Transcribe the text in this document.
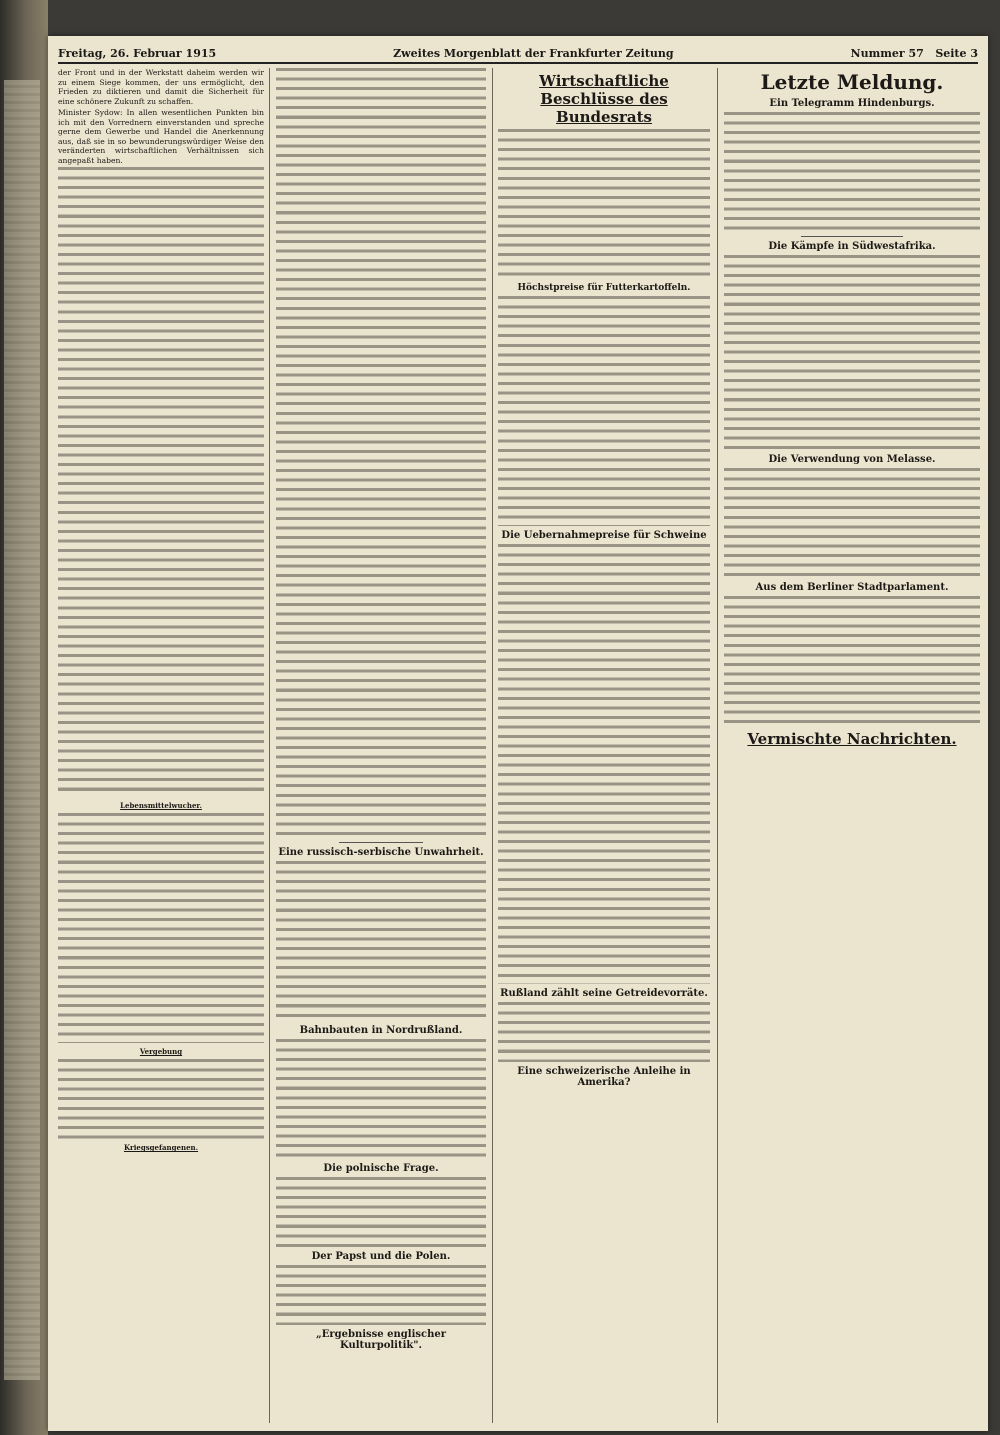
Freitag, 26. Februar 1915	Zweites Morgenblatt der Frankfurter Zeitung	Nummer 57 Seite 3

der Front und in der Werkstatt daheim werden wir zu einem Siege kommen, der uns ermöglicht, den Frieden zu diktieren und damit die Sicherheit für eine schönere Zukunft zu schaffen.

Minister Sydow: In allen wesentlichen Punkten bin ich mit den Vorrednern einverstanden und spreche gerne dem Gewerbe und Handel die Anerkennung aus, daß sie in so bewunderungswürdiger Weise den veränderten wirtschaftlichen Verhältnissen sich angepaßt haben.

Lebensmittelwucher.
Vergebung
Kriegsgefangenen.
Eine russisch-serbische Unwahrheit.
Bahnbauten in Nordrußland.
Die polnische Frage.
Der Papst und die Polen.
„Ergebnisse englischer Kulturpolitik".
Wirtschaftliche Beschlüsse des Bundesrats
Höchstpreise für Futterkartoffeln.
Die Uebernahmepreise für Schweine
Rußland zählt seine Getreidevorräte.
Eine schweizerische Anleihe in Amerika?
Letzte Meldung.
Ein Telegramm Hindenburgs.
Die Kämpfe in Südwestafrika.
Die Verwendung von Melasse.
Aus dem Berliner Stadtparlament.
Vermischte Nachrichten.
